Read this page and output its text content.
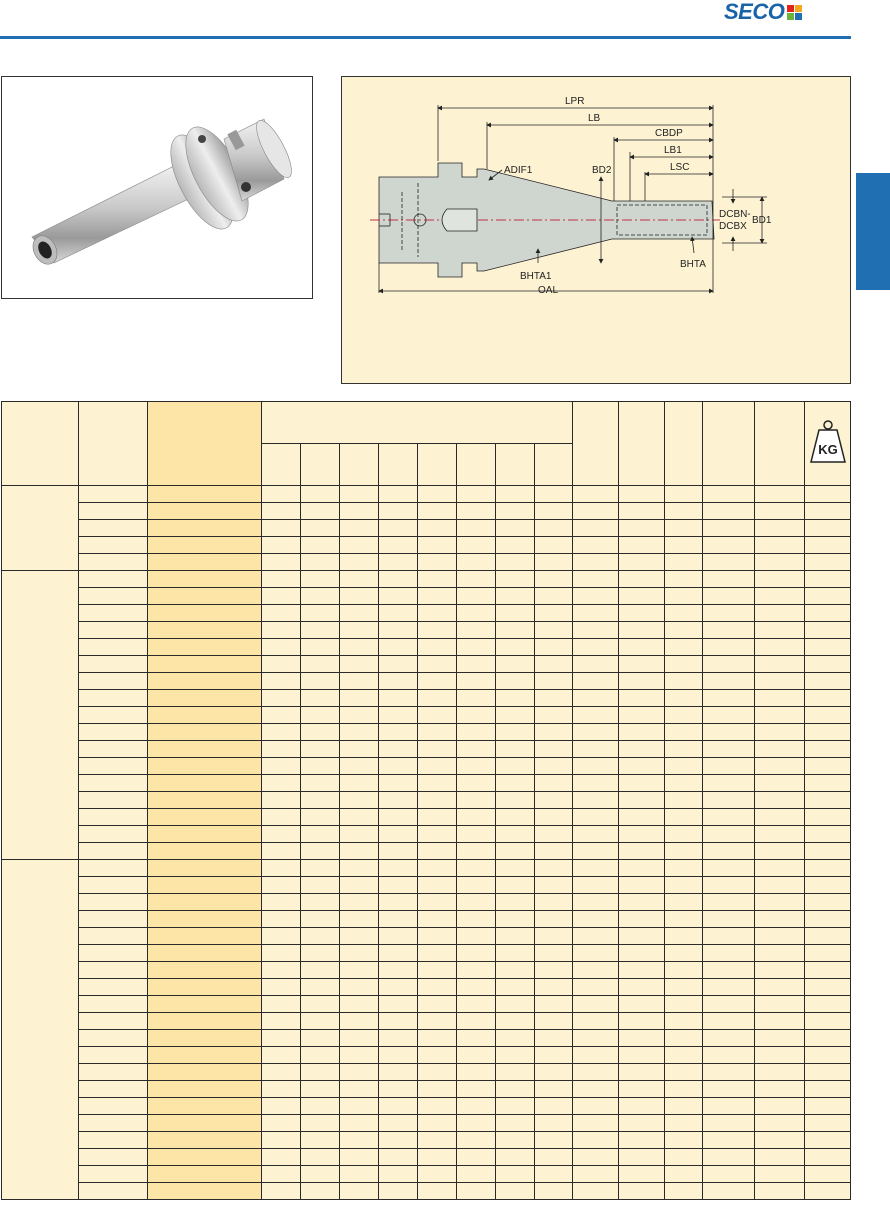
SECO
LPR
LB
CBDP
LB1
LSC
ADIF1	BD2
DCBN-
DCBX
BD1
BHTA1
BHTA
OAL

KG
